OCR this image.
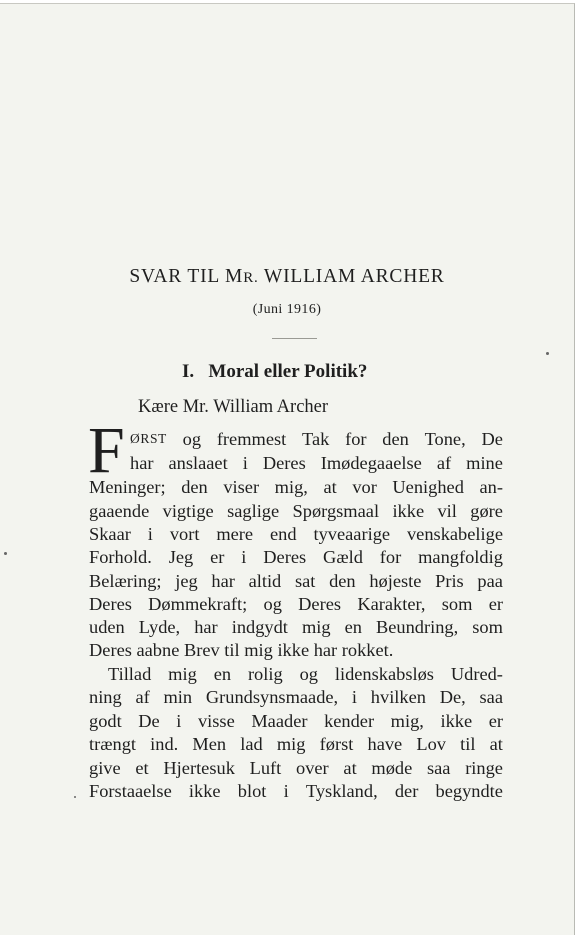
SVAR TIL MR. WILLIAM ARCHER
(Juni 1916)
I.   Moral eller Politik?
Kære Mr. William Archer
F ØRST og fremmest Tak for den Tone, De
har anslaaet i Deres Imødegaaelse af mine
Meninger; den viser mig, at vor Uenighed an-
gaaende vigtige saglige Spørgsmaal ikke vil gøre
Skaar i vort mere end tyveaarige venskabelige
Forhold. Jeg er i Deres Gæld for mangfoldig
Belæring; jeg har altid sat den højeste Pris paa
Deres Dømmekraft; og Deres Karakter, som er
uden Lyde, har indgydt mig en Beundring, som
Deres aabne Brev til mig ikke har rokket.
Tillad mig en rolig og lidenskabsløs Udred-
ning af min Grundsynsmaade, i hvilken De, saa
godt De i visse Maader kender mig, ikke er
trængt ind. Men lad mig først have Lov til at
give et Hjertesuk Luft over at møde saa ringe
Forstaaelse ikke blot i Tyskland, der begyndte
